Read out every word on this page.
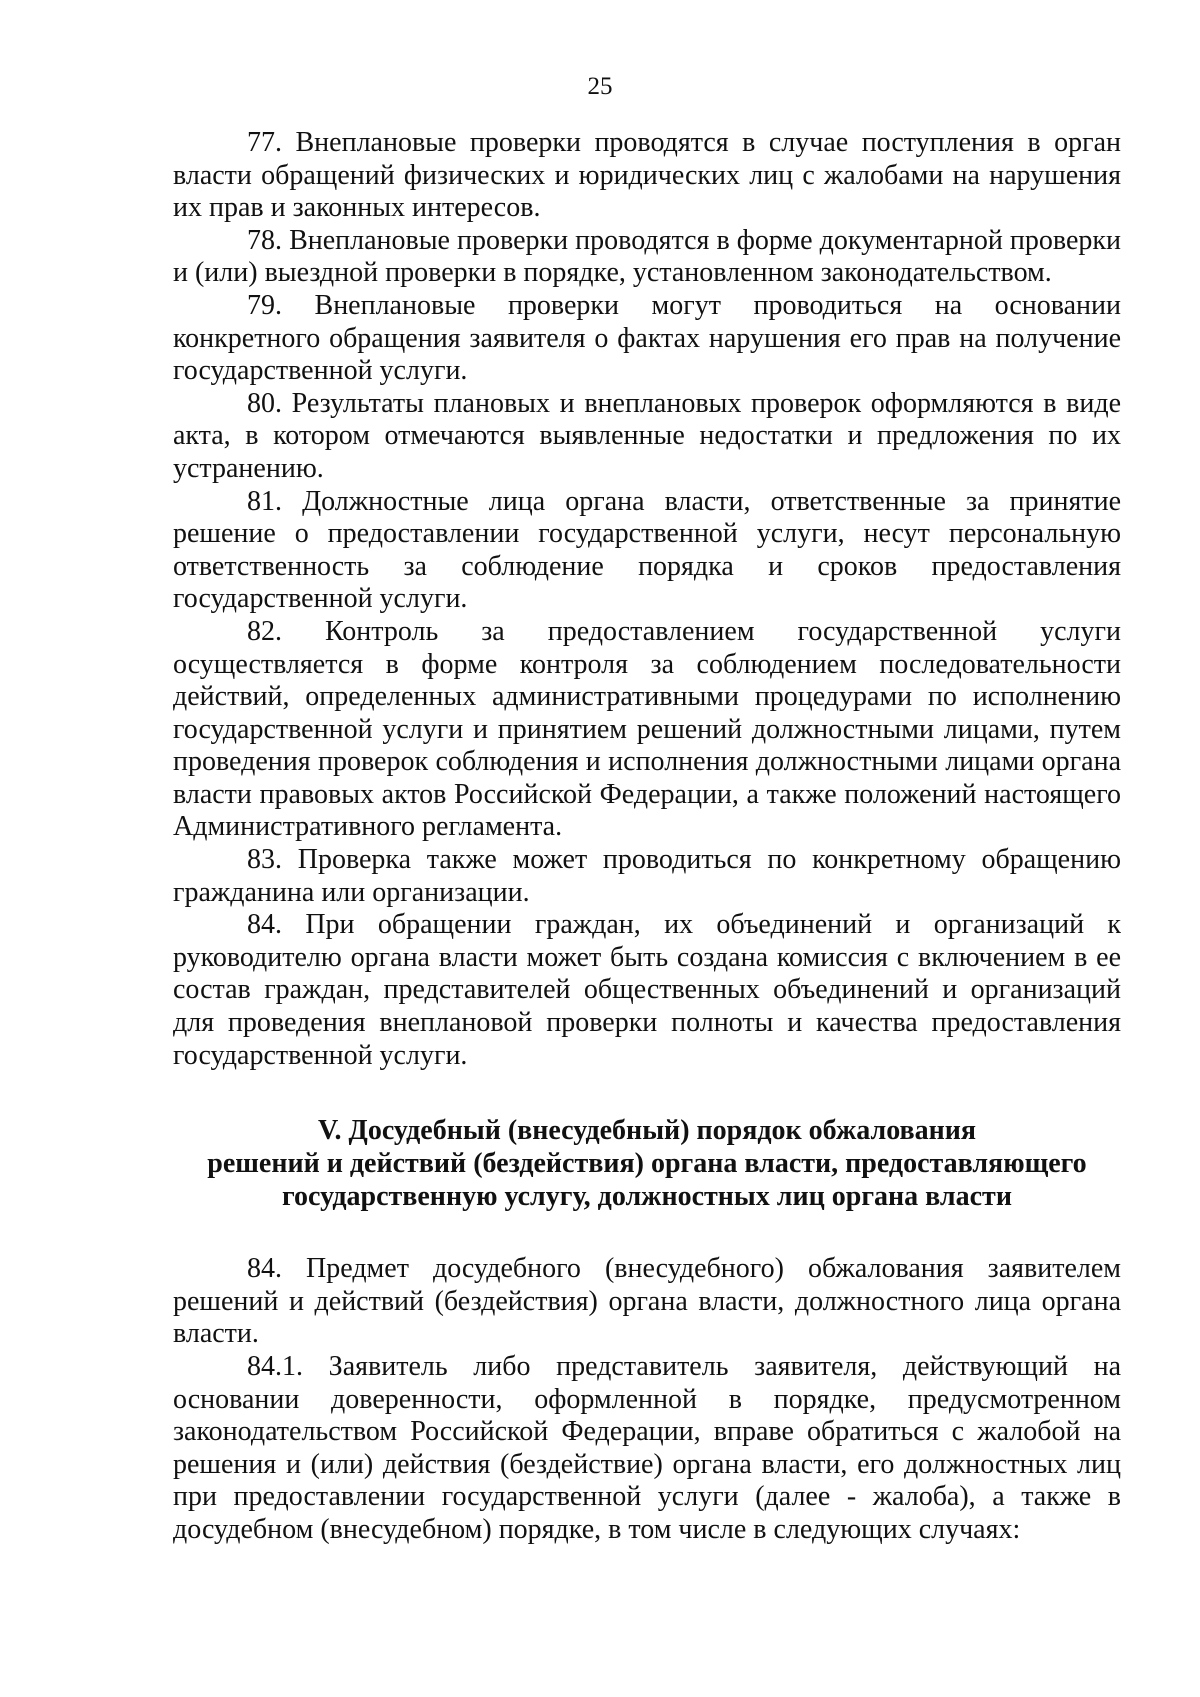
25

77. Внеплановые проверки проводятся в случае поступления в орган власти обращений физических и юридических лиц с жалобами на нарушения их прав и законных интересов.

78. Внеплановые проверки проводятся в форме документарной проверки и (или) выездной проверки в порядке, установленном законодательством.

79. Внеплановые проверки могут проводиться на основании конкретного обращения заявителя о фактах нарушения его прав на получение государственной услуги.

80. Результаты плановых и внеплановых проверок оформляются в виде акта, в котором отмечаются выявленные недостатки и предложения по их устранению.

81. Должностные лица органа власти, ответственные за принятие решение о предоставлении государственной услуги, несут персональную ответственность за соблюдение порядка и сроков предоставления государственной услуги.

82. Контроль за предоставлением государственной услуги осуществляется в форме контроля за соблюдением последовательности действий, определенных административными процедурами по исполнению государственной услуги и принятием решений должностными лицами, путем проведения проверок соблюдения и исполнения должностными лицами органа власти правовых актов Российской Федерации, а также положений настоящего Административного регламента.

83. Проверка также может проводиться по конкретному обращению гражданина или организации.

84. При обращении граждан, их объединений и организаций к руководителю органа власти может быть создана комиссия с включением в ее состав граждан, представителей общественных объединений и организаций для проведения внеплановой проверки полноты и качества предоставления государственной услуги.

V. Досудебный (внесудебный) порядок обжалования
решений и действий (бездействия) органа власти, предоставляющего
государственную услугу, должностных лиц органа власти

84. Предмет досудебного (внесудебного) обжалования заявителем решений и действий (бездействия) органа власти, должностного лица органа власти.

84.1. Заявитель либо представитель заявителя, действующий на основании доверенности, оформленной в порядке, предусмотренном законодательством Российской Федерации, вправе обратиться с жалобой на решения и (или) действия (бездействие) органа власти, его должностных лиц при предоставлении государственной услуги (далее - жалоба), а также в досудебном (внесудебном) порядке, в том числе в следующих случаях:
